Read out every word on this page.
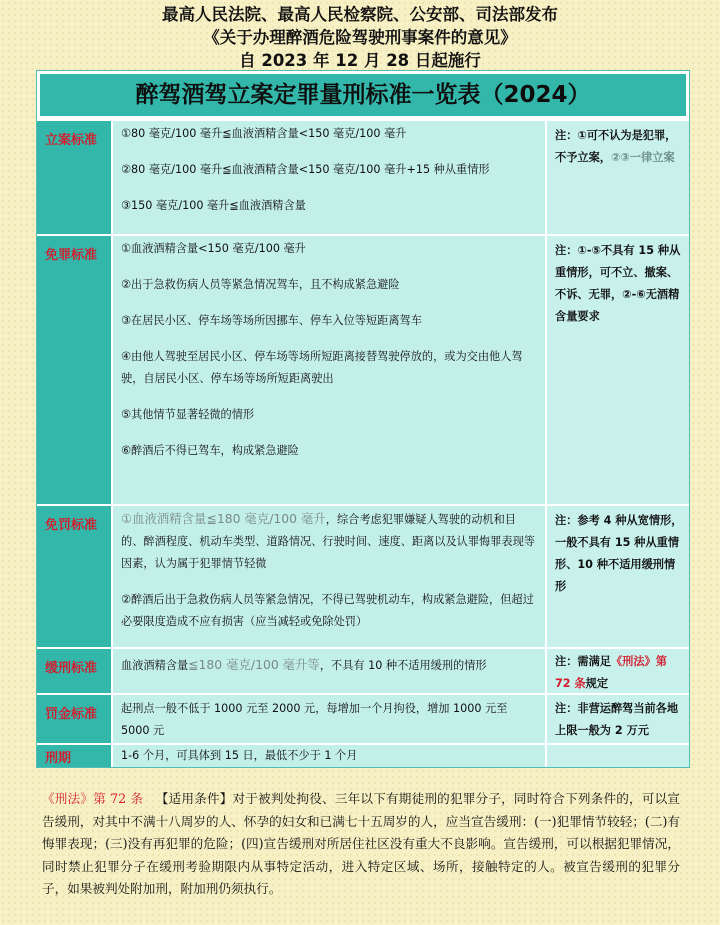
最高人民法院、最高人民检察院、公安部、司法部发布
《关于办理醉酒危险驾驶刑事案件的意见》
自 2023 年 12 月 28 日起施行
醉驾酒驾立案定罪量刑标准一览表（2024）
立案标准	①80 毫克/100 毫升≦血液酒精含量<150 毫克/100 毫升

②80 毫克/100 毫升≦血液酒精含量<150 毫克/100 毫升+15 种从重情形

③150 毫克/100 毫升≦血液酒精含量

注：①可不认为是犯罪，不予立案，②③一律立案
免罪标准	①血液酒精含量<150 毫克/100 毫升

②出于急救伤病人员等紧急情况驾车，且不构成紧急避险

③在居民小区、停车场等场所因挪车、停车入位等短距离驾车

④由他人驾驶至居民小区、停车场等场所短距离接替驾驶停放的，或为交由他人驾驶，自居民小区、停车场等场所短距离驶出

⑤其他情节显著轻微的情形

⑥醉酒后不得已驾车，构成紧急避险

注：①-⑤不具有 15 种从重情形，可不立、撤案、不诉、无罪，②-⑥无酒精含量要求
免罚标准	①血液酒精含量≦180 毫克/100 毫升，综合考虑犯罪嫌疑人驾驶的动机和目的、醉酒程度、机动车类型、道路情况、行驶时间、速度、距离以及认罪悔罪表现等因素，认为属于犯罪情节轻微

②醉酒后出于急救伤病人员等紧急情况，不得已驾驶机动车，构成紧急避险，但超过必要限度造成不应有损害（应当减轻或免除处罚）

注：参考 4 种从宽情形，一般不具有 15 种从重情形、10 种不适用缓刑情形
缓刑标准	血液酒精含量≦180 毫克/100 毫升等，不具有 10 种不适用缓刑的情形	注：需满足《刑法》第 72 条规定
罚金标准	起刑点一般不低于 1000 元至 2000 元，每增加一个月拘役，增加 1000 元至 5000 元
注：非营运醉驾当前各地上限一般为 2 万元
刑期	1-6 个月，可具体到 15 日，最低不少于 1 个月
《刑法》第 72 条 【适用条件】对于被判处拘役、三年以下有期徒刑的犯罪分子，同时符合下列条件的，可以宣告缓刑，对其中不满十八周岁的人、怀孕的妇女和已满七十五周岁的人，应当宣告缓刑：(一)犯罪情节较轻；(二)有悔罪表现；(三)没有再犯罪的危险；(四)宣告缓刑对所居住社区没有重大不良影响。宣告缓刑，可以根据犯罪情况，同时禁止犯罪分子在缓刑考验期限内从事特定活动，进入特定区域、场所，接触特定的人。被宣告缓刑的犯罪分子，如果被判处附加刑，附加刑仍须执行。
